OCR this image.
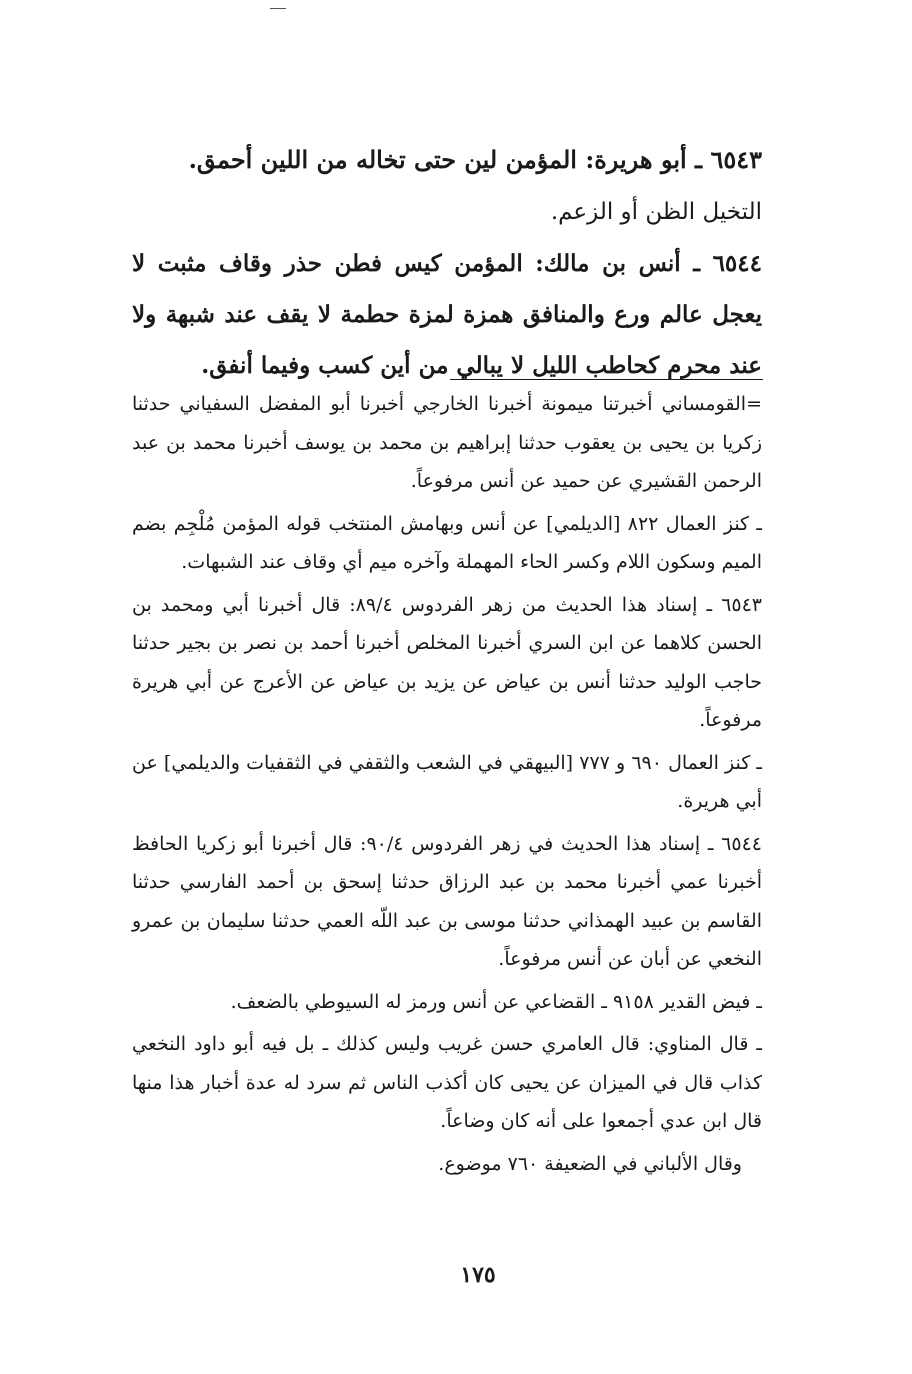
٦٥٤٣ ـ أبو هريرة: المؤمن لين حتى تخاله من اللين أحمق.

التخيل الظن أو الزعم.

٦٥٤٤ ـ أنس بن مالك: المؤمن كيس فطن حذر وقاف مثبت لا يعجل عالم ورع والمنافق همزة لمزة حطمة لا يقف عند شبهة ولا عند محرم كحاطب الليل لا يبالي من أين كسب وفيما أنفق.

=القومساني أخبرتنا ميمونة أخبرنا الخارجي أخبرنا أبو المفضل السفياني حدثنا زكريا بن يحيى بن يعقوب حدثنا إبراهيم بن محمد بن يوسف أخبرنا محمد بن عبد الرحمن القشيري عن حميد عن أنس مرفوعاً.

ـ كنز العمال ٨٢٢ [الديلمي] عن أنس وبهامش المنتخب قوله المؤمن مُلْجِم بضم الميم وسكون اللام وكسر الحاء المهملة وآخره ميم أي وقاف عند الشبهات.

٦٥٤٣ ـ إسناد هذا الحديث من زهر الفردوس ٨٩/٤: قال أخبرنا أبي ومحمد بن الحسن كلاهما عن ابن السري أخبرنا المخلص أخبرنا أحمد بن نصر بن بجير حدثنا حاجب الوليد حدثنا أنس بن عياض عن يزيد بن عياض عن الأعرج عن أبي هريرة مرفوعاً.

ـ كنز العمال ٦٩٠ و ٧٧٧ [البيهقي في الشعب والثقفي في الثقفيات والديلمي] عن أبي هريرة.

٦٥٤٤ ـ إسناد هذا الحديث في زهر الفردوس ٩٠/٤: قال أخبرنا أبو زكريا الحافظ أخبرنا عمي أخبرنا محمد بن عبد الرزاق حدثنا إسحق بن أحمد الفارسي حدثنا القاسم بن عبيد الهمذاني حدثنا موسى بن عبد اللّه العمي حدثنا سليمان بن عمرو النخعي عن أبان عن أنس مرفوعاً.

ـ فيض القدير ٩١٥٨ ـ القضاعي عن أنس ورمز له السيوطي بالضعف.

ـ قال المناوي: قال العامري حسن غريب وليس كذلك ـ بل فيه أبو داود النخعي كذاب قال في الميزان عن يحيى كان أكذب الناس ثم سرد له عدة أخبار هذا منها قال ابن عدي أجمعوا على أنه كان وضاعاً.

وقال الألباني في الضعيفة ٧٦٠ موضوع.

١٧٥
